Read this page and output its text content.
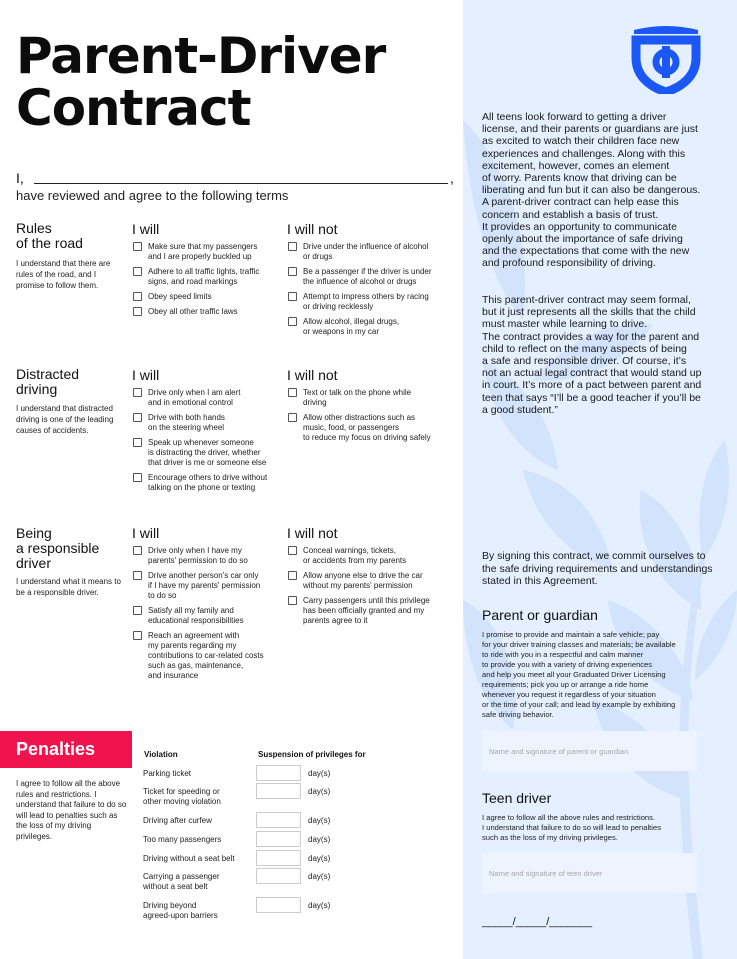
Parent-Driver
Contract
I,	,
have reviewed and agree to the following terms
Rules
of the road
I understand that there are rules of the road, and I promise to follow them.
I will	I will not
Make sure that my passengers
and I are properly buckled up
Adhere to all traffic lights, traffic
signs, and road markings
Obey speed limits
Obey all other traffic laws
Drive under the influence of alcohol
or drugs
Be a passenger if the driver is under
the influence of alcohol or drugs
Attempt to impress others by racing
or driving recklessly
Allow alcohol, illegal drugs,
or weapons in my car
Distracted
driving
I understand that distracted driving is one of the leading causes of accidents.
I will	I will not
Drive only when I am alert
and in emotional control
Drive with both hands
on the steering wheel
Speak up whenever someone
is distracting the driver, whether
that driver is me or someone else
Encourage others to drive without
talking on the phone or texting
Text or talk on the phone while
driving
Allow other distractions such as
music, food, or passengers
to reduce my focus on driving safely
Being
a responsible
driver
I understand what it means to be a responsible driver.
I will	I will not
Drive only when I have my
parents' permission to do so
Drive another person's car only
if I have my parents' permission
to do so
Satisfy all my family and
educational responsibilities
Reach an agreement with
my parents regarding my
contributions to car-related costs
such as gas, maintenance,
and insurance
Conceal warnings, tickets,
or accidents from my parents
Allow anyone else to drive the car
without my parents' permission
Carry passengers until this privilege
has been officially granted and my
parents agree to it
Penalties
I agree to follow all the above rules and restrictions. I understand that failure to do so will lead to penalties such as the loss of my driving privileges.
Violation	Suspension of privileges for
Parking ticket	day(s)
Ticket for speeding or
other moving violation
day(s)
Driving after curfew	day(s)
Too many passengers	day(s)
Driving without a seat belt	day(s)
Carrying a passenger
without a seat belt
day(s)
Driving beyond
agreed-upon barriers
day(s)
All teens look forward to getting a driver
license, and their parents or guardians are just
as excited to watch their children face new
experiences and challenges. Along with this
excitement, however, comes an element
of worry. Parents know that driving can be
liberating and fun but it can also be dangerous.
A parent-driver contract can help ease this
concern and establish a basis of trust.
It provides an opportunity to communicate
openly about the importance of safe driving
and the expectations that come with the new
and profound responsibility of driving.
This parent-driver contract may seem formal,
but it just represents all the skills that the child
must master while learning to drive.
The contract provides a way for the parent and
child to reflect on the many aspects of being
a safe and responsible driver. Of course, it’s
not an actual legal contract that would stand up
in court. It’s more of a pact between parent and
teen that says “I’ll be a good teacher if you’ll be
a good student.”
By signing this contract, we commit ourselves to the safe driving requirements and understandings stated in this Agreement.
Parent or guardian
I promise to provide and maintain a safe vehicle; pay
for your driver training classes and materials; be available
to ride with you in a respectful and calm manner
to provide you with a variety of driving experiences
and help you meet all your Graduated Driver Licensing
requirements; pick you up or arrange a ride home
whenever you request it regardless of your situation
or the time of your call; and lead by example by exhibiting
safe driving behavior.
Name and signature of parent or guardian
Teen driver
I agree to follow all the above rules and restrictions.
I understand that failure to do so will lead to penalties
such as the loss of my driving privileges.
Name and signature of teen driver
_____/_____/_______
